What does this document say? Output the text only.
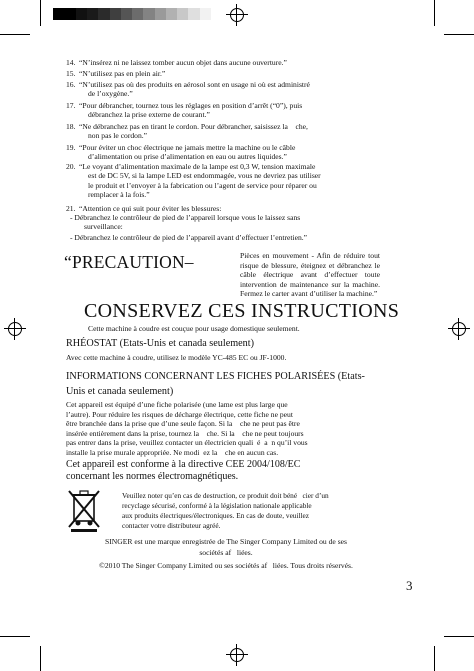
14. “N’insérez ni ne laissez tomber aucun objet dans aucune ouverture.”
15. “N’utilisez pas en plein air.”
16. “N’utilisez pas où des produits en aérosol sont en usage ni où est administré
de l’oxygène.”
17. “Pour débrancher, tournez tous les réglages en position d’arrêt (“0”), puis
débranchez la prise externe de courant.”
18. “Ne débranchez pas en tirant le cordon. Pour débrancher, saisissez la    che,
non pas le cordon.”
19. “Pour éviter un choc électrique ne jamais mettre la machine ou le câble
d’alimentation ou prise d’alimentation en eau ou autres liquides.”
20. “Le voyant d’alimentation maximale de la lampe est 0,3 W, tension maximale
est de DC 5V, si la lampe LED est endommagée, vous ne devriez pas utiliser
le produit et l’envoyer à la fabrication ou l’agent de service pour réparer ou
remplacer à la fois.”
21. “Attention ce qui suit pour éviter les blessures:
- Débranchez le contrôleur de pied de l’appareil lorsque vous le laissez sans
surveillance:
- Débranchez le contrôleur de pied de l’appareil avant d’effectuer l’entretien.”
“PRECAUTION–	Pièces en mouvement - Afin de réduire tout risque de blessure, éteignez et débranchez le câble électrique avant d’effectuer toute intervention de maintenance sur la machine. Fermez le carter avant d’utiliser la machine.”
CONSERVEZ CES INSTRUCTIONS
Cette machine à coudre est couçue pour usage domestique seulement.
RHÉOSTAT (Etats-Unis et canada seulement)
Avec cette machine à coudre, utilisez le modèle YC-485 EC ou JF-1000.
INFORMATIONS CONCERNANT LES FICHES POLARISÉES (Etats-
Unis et canada seulement)
Cet appareil est équipé d’une fiche polarisée (une lame est plus large que
l’autre). Pour réduire les risques de décharge électrique, cette fiche ne peut
être branchée dans la prise que d’une seule façon. Si la    che ne peut pas être
insérée entièrement dans la prise, tournez la    che. Si la    che ne peut toujours
pas entrer dans la prise, veuillez contacter un électricien quali  é  a  n qu’il vous
installe la prise murale appropriée. Ne modi  ez la    che en aucun cas.
Cet appareil est conforme à la directive CEE 2004/108/EC
concernant les normes électromagnétiques.
Veuillez noter qu’en cas de destruction, ce produit doit béné   cier d’un
recyclage sécurisé, conformé à la législation nationale applicable
aux produits électriques/électroniques. En cas de doute, veuillez
contacter votre distributeur agréé.
SINGER est une marque enregistrée de The Singer Company Limited ou de ses
sociétés af   liées.
©2010 The Singer Company Limited ou ses sociétés af   liées. Tous droits réservés.
3
